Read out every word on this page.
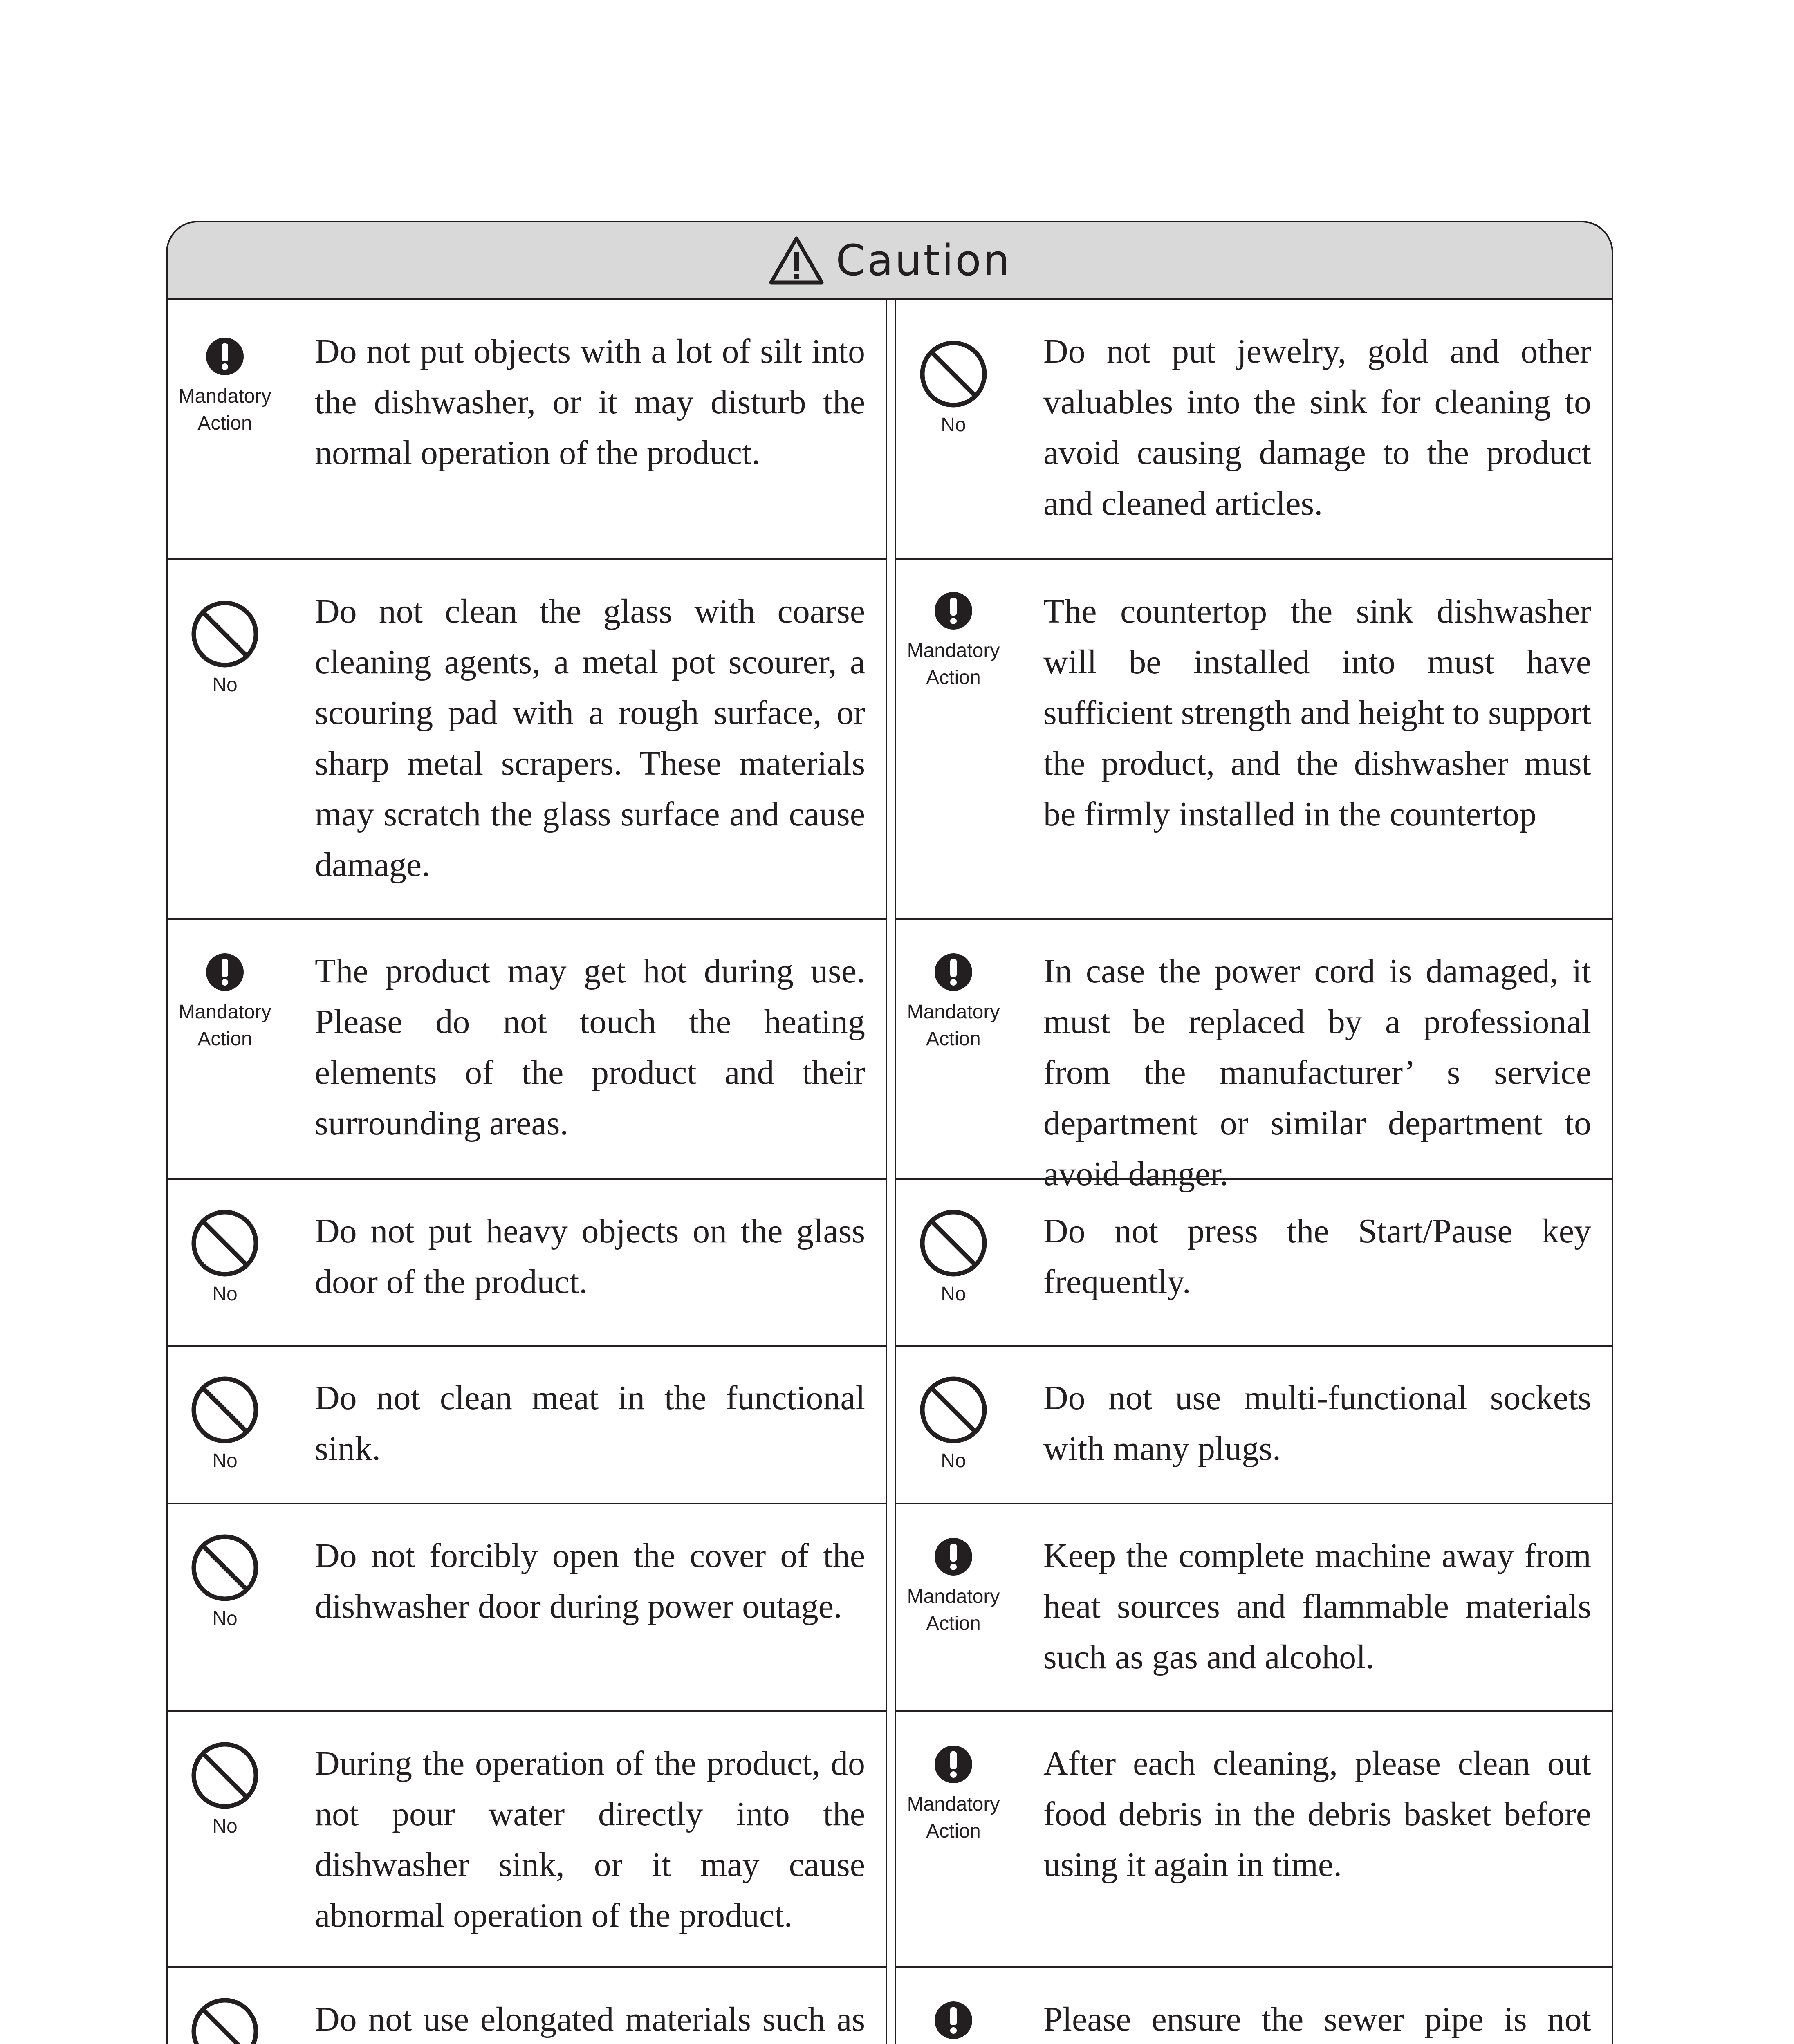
Caution
Mandatory
Action
Do not put objects with a lot of silt into the dishwasher, or it may disturb the normal operation of the product.
No
Do not clean the glass with coarse cleaning agents, a metal pot scourer, a scouring pad with a rough surface, or sharp metal scrapers. These materials may scratch the glass surface and cause damage.
Mandatory
Action
The product may get hot during use. Please do not touch the heating elements of the product and their surrounding areas.
No
Do not put heavy objects on the glass door of the product.
No
Do not clean meat in the functional sink.
No
Do not forcibly open the cover of the dishwasher door during power outage.
No
During the operation of the product, do not pour water directly into the dishwasher sink, or it may cause abnormal operation of the product.
Do not use elongated materials such as
No
Do not put jewelry, gold and other valuables into the sink for cleaning to avoid causing damage to the product and cleaned articles.
Mandatory
Action
The countertop the sink dishwasher will be installed into must have sufficient strength and height to support the product, and the dishwasher must be firmly installed in the countertop
Mandatory
Action
In case the power cord is damaged, it must be replaced by a professional from the manufacturer’ s service department or similar department to avoid danger.
No
Do not press the Start/Pause key frequently.
No
Do not use multi-functional sockets with many plugs.
Mandatory
Action
Keep the complete machine away from heat sources and flammable materials such as gas and alcohol.
Mandatory
Action
After each cleaning, please clean out food debris in the debris basket before using it again in time.
Please ensure the sewer pipe is not
